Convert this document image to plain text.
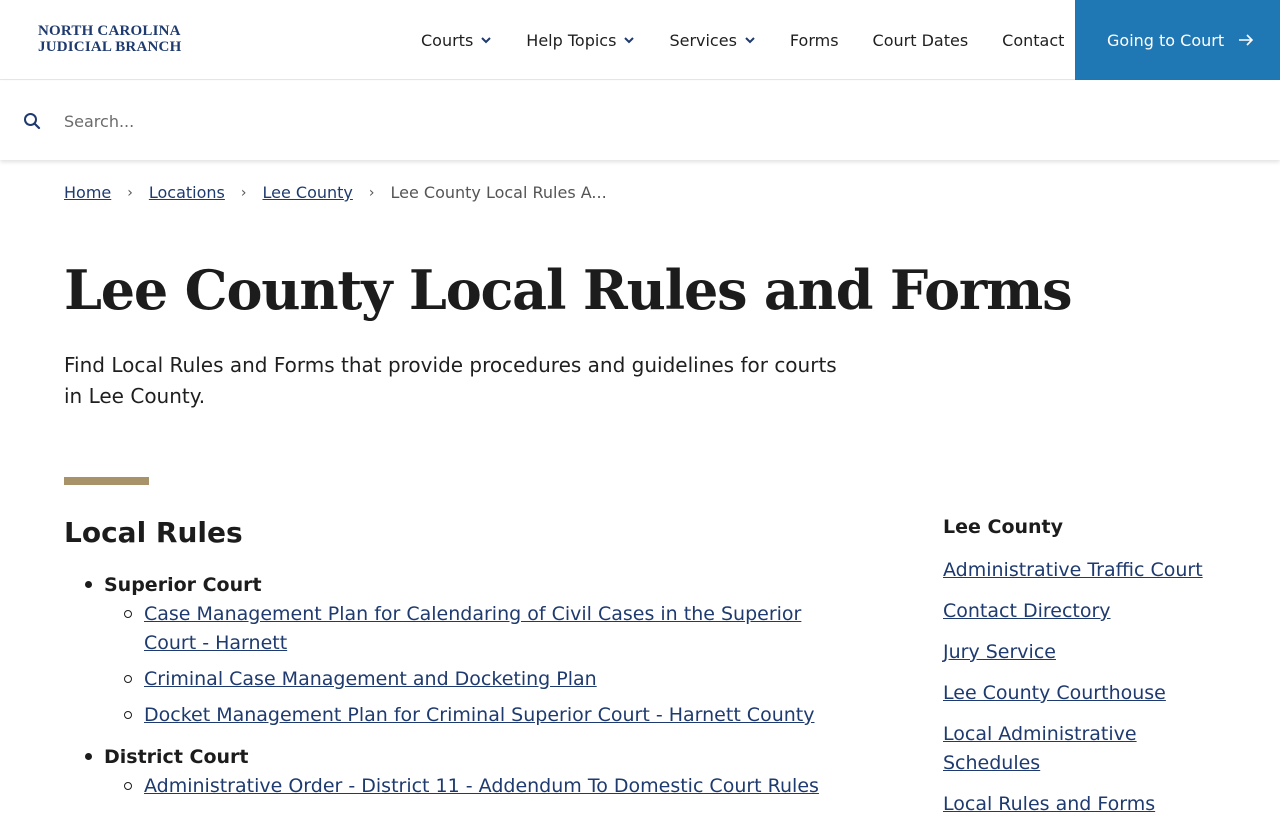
NORTH CAROLINA
JUDICIAL BRANCH	Courts	Help Topics	Services	Forms Court Dates Contact	Going to Court
Search...
Home › Locations › Lee County › Lee County Local Rules A...
Lee County Local Rules and Forms

Find Local Rules and Forms that provide procedures and guidelines for courts in Lee County.

Local Rules
Superior Court
Case Management Plan for Calendaring of Civil Cases in the Superior Court - Harnett
Criminal Case Management and Docketing Plan
Docket Management Plan for Criminal Superior Court - Harnett County
District Court
Administrative Order - District 11 - Addendum To Domestic Court Rules
Lee County
Administrative Traffic Court
Contact Directory
Jury Service
Lee County Courthouse
Local Administrative Schedules
Local Rules and Forms
